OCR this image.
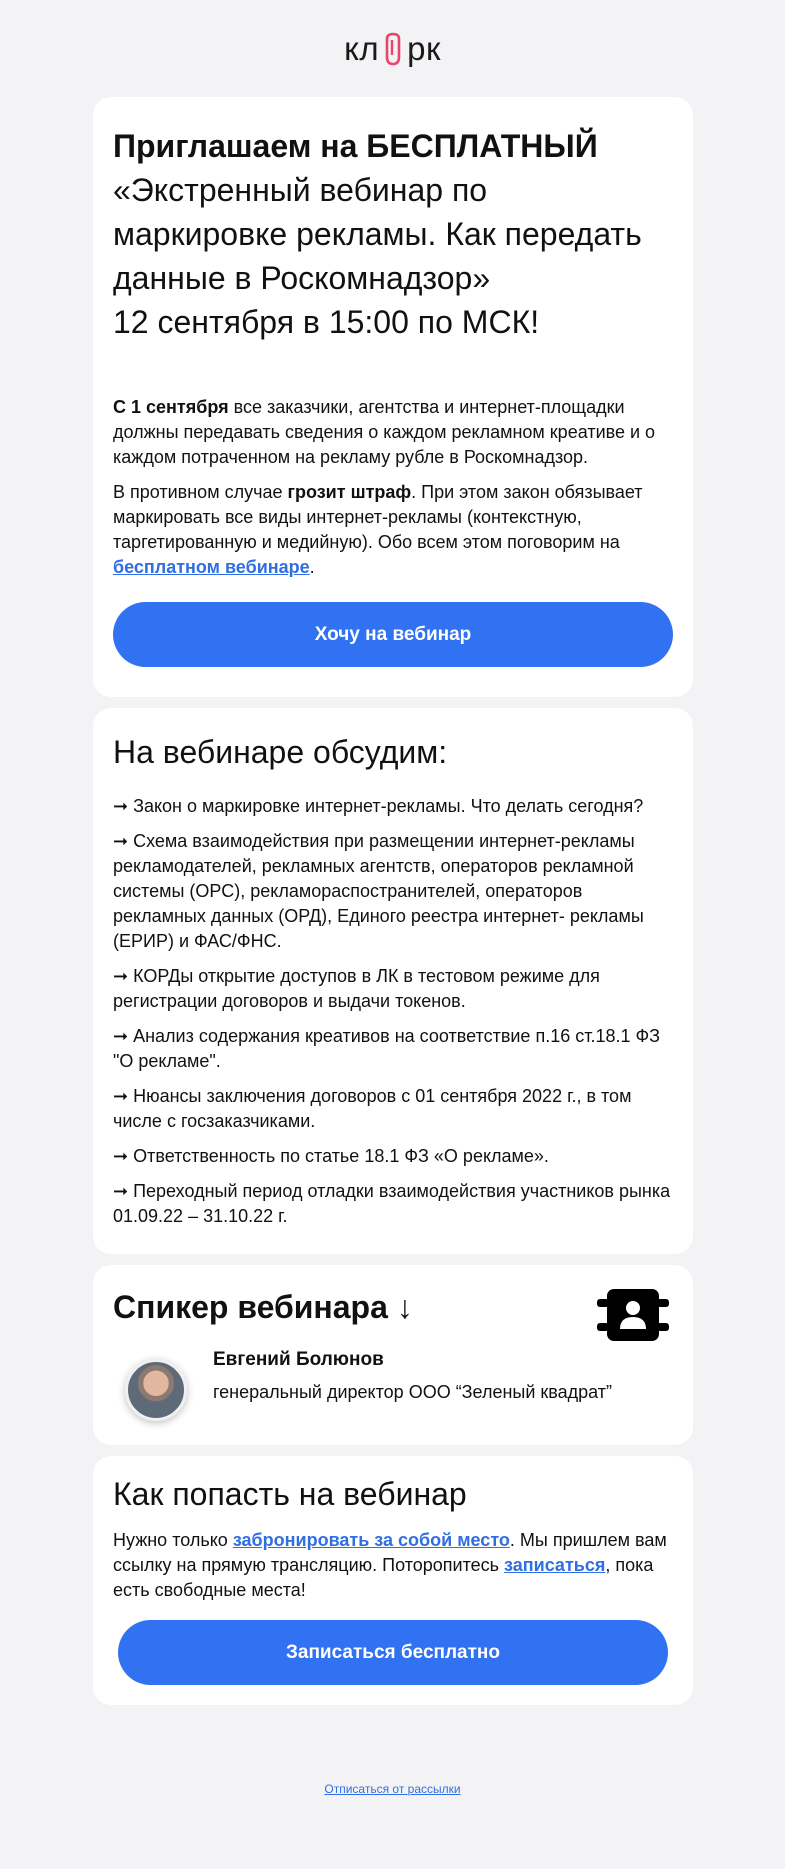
кл рк
Приглашаем на БЕСПЛАТНЫЙ
«Экстренный вебинар по
маркировке рекламы. Как передать
данные в Роскомнадзор»
12 сентября в 15:00 по МСК!

С 1 сентября все заказчики, агентства и интернет-площадки должны передавать сведения о каждом рекламном креативе и о каждом потраченном на рекламу рубле в Роскомнадзор.

В противном случае грозит штраф. При этом закон обязывает маркировать все виды интернет-рекламы (контекстную, таргетированную и медийную). Обо всем этом поговорим на бесплатном вебинаре.

Хочу на вебинар
На вебинаре обсудим:
➞ Закон о маркировке интернет-рекламы. Что делать сегодня?
➞ Схема взаимодействия при размещении интернет-рекламы рекламодателей, рекламных агентств, операторов рекламной системы (ОРС), рекламораспостранителей, операторов рекламных данных (ОРД), Единого реестра интернет- рекламы (ЕРИР) и ФАС/ФНС.
➞ КОРДы открытие доступов в ЛК в тестовом режиме для регистрации договоров и выдачи токенов.
➞ Анализ содержания креативов на соответствие п.16 ст.18.1 ФЗ "О рекламе".
➞ Нюансы заключения договоров с 01 сентября 2022 г., в том числе с госзаказчиками.
➞ Ответственность по статье 18.1 ФЗ «О рекламе».
➞ Переходный период отладки взаимодействия участников рынка 01.09.22 – 31.10.22 г.
Спикер вебинара ↓
Евгений Болюнов
генеральный директор ООО “Зеленый квадрат”
Как попасть на вебинар

Нужно только забронировать за собой место. Мы пришлем вам ссылку на прямую трансляцию. Поторопитесь записаться, пока есть свободные места!

Записаться бесплатно
Отписаться от рассылки
